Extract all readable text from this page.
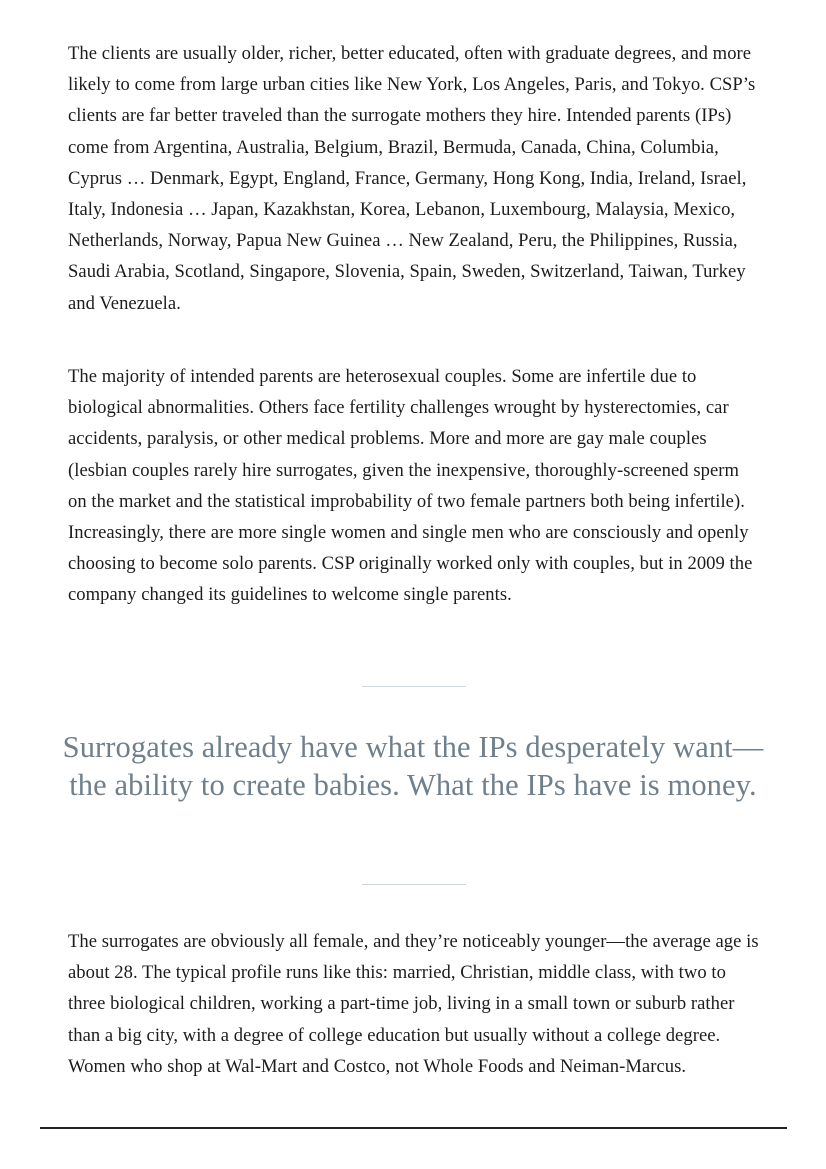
The clients are usually older, richer, better educated, often with graduate degrees, and more likely to come from large urban cities like New York, Los Angeles, Paris, and Tokyo. CSP’s clients are far better traveled than the surrogate mothers they hire. Intended parents (IPs) come from Argentina, Australia, Belgium, Brazil, Bermuda, Canada, China, Columbia, Cyprus … Denmark, Egypt, England, France, Germany, Hong Kong, India, Ireland, Israel, Italy, Indonesia … Japan, Kazakhstan, Korea, Lebanon, Luxembourg, Malaysia, Mexico, Netherlands, Norway, Papua New Guinea … New Zealand, Peru, the Philippines, Russia, Saudi Arabia, Scotland, Singapore, Slovenia, Spain, Sweden, Switzerland, Taiwan, Turkey and Venezuela.

The majority of intended parents are heterosexual couples. Some are infertile due to biological abnormalities. Others face fertility challenges wrought by hysterectomies, car accidents, paralysis, or other medical problems. More and more are gay male couples (lesbian couples rarely hire surrogates, given the inexpensive, thoroughly-screened sperm on the market and the statistical improbability of two female partners both being infertile). Increasingly, there are more single women and single men who are consciously and openly choosing to become solo parents. CSP originally worked only with couples, but in 2009 the company changed its guidelines to welcome single parents.

Surrogates already have what the IPs desperately want—the ability to create babies. What the IPs have is money.

The surrogates are obviously all female, and they’re noticeably younger—the average age is about 28. The typical profile runs like this: married, Christian, middle class, with two to three biological children, working a part-time job, living in a small town or suburb rather than a big city, with a degree of college education but usually without a college degree. Women who shop at Wal-Mart and Costco, not Whole Foods and Neiman-Marcus.
